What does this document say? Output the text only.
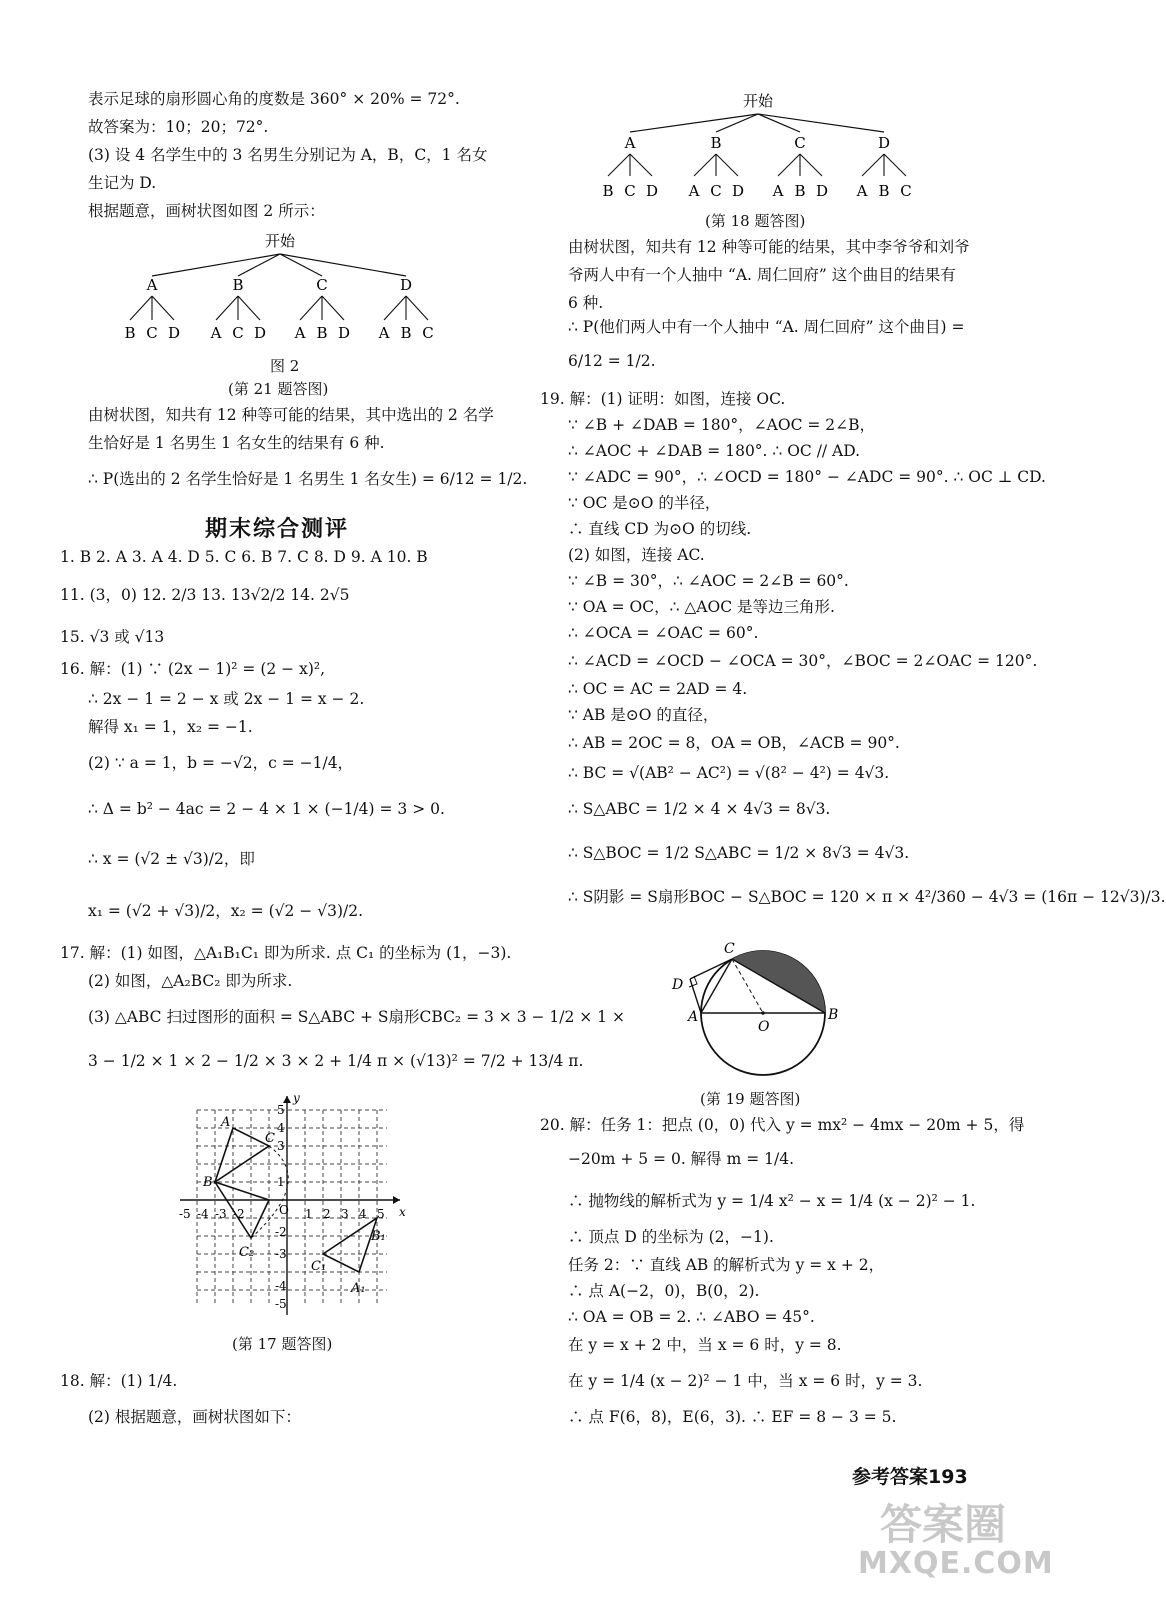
表示足球的扇形圆心角的度数是 360° × 20% = 72°.
故答案为：10；20；72°.
(3) 设 4 名学生中的 3 名男生分别记为 A，B，C，1 名女
生记为 D.
根据题意，画树状图如图 2 所示：
开始
A	B	C	D
B C D A C D A B D A B C
图 2
(第 21 题答图)
由树状图，知共有 12 种等可能的结果，其中选出的 2 名学
生恰好是 1 名男生 1 名女生的结果有 6 种.
∴ P(选出的 2 名学生恰好是 1 名男生 1 名女生) = 6/12 = 1/2.
期末综合测评
1. B 2. A 3. A 4. D 5. C 6. B 7. C 8. D 9. A 10. B
11. (3，0) 12. 2/3 13. 13√2/2 14. 2√5
15. √3 或 √13
16. 解：(1) ∵ (2x − 1)² = (2 − x)²,
∴ 2x − 1 = 2 − x 或 2x − 1 = x − 2.
解得 x₁ = 1，x₂ = −1.
(2) ∵ a = 1，b = −√2，c = −1/4，
∴ Δ = b² − 4ac = 2 − 4 × 1 × (−1/4) = 3 > 0.
∴ x = (√2 ± √3)/2，即
x₁ = (√2 + √3)/2，x₂ = (√2 − √3)/2.
17. 解：(1) 如图，△A₁B₁C₁ 即为所求. 点 C₁ 的坐标为 (1，−3).
(2) 如图，△A₂BC₂ 即为所求.
(3) △ABC 扫过图形的面积 = S△ABC + S扇形CBC₂ = 3 × 3 − 1/2 × 1 ×
3 − 1/2 × 1 × 2 − 1/2 × 3 × 2 + 1/4 π × (√13)² = 7/2 + 13/4 π.
x
y
-5 -4 -3 -2	O 1 2 3 4 5
5
4
3
1
-2
-3
-4
-5
A
B
C
C₂
C₁
B₁
A₁
(第 17 题答图)
18. 解：(1) 1/4.
(2) 根据题意，画树状图如下：
开始
A	B	C	D
B C D A C D A B D A B C
(第 18 题答图)
由树状图，知共有 12 种等可能的结果，其中李爷爷和刘爷
爷两人中有一个人抽中 “A. 周仁回府” 这个曲目的结果有
6 种.
∴ P(他们两人中有一个人抽中 “A. 周仁回府” 这个曲目) =
6/12 = 1/2.
19. 解：(1) 证明：如图，连接 OC.
∵ ∠B + ∠DAB = 180°，∠AOC = 2∠B，
∴ ∠AOC + ∠DAB = 180°. ∴ OC // AD.
∵ ∠ADC = 90°，∴ ∠OCD = 180° − ∠ADC = 90°. ∴ OC ⊥ CD.
∵ OC 是⊙O 的半径，
∴ 直线 CD 为⊙O 的切线.
(2) 如图，连接 AC.
∵ ∠B = 30°，∴ ∠AOC = 2∠B = 60°.
∵ OA = OC，∴ △AOC 是等边三角形.
∴ ∠OCA = ∠OAC = 60°.
∴ ∠ACD = ∠OCD − ∠OCA = 30°，∠BOC = 2∠OAC = 120°.
∴ OC = AC = 2AD = 4.
∵ AB 是⊙O 的直径，
∴ AB = 2OC = 8，OA = OB，∠ACB = 90°.
∴ BC = √(AB² − AC²) = √(8² − 4²) = 4√3.
∴ S△ABC = 1/2 × 4 × 4√3 = 8√3.
∴ S△BOC = 1/2 S△ABC = 1/2 × 8√3 = 4√3.
∴ S阴影 = S扇形BOC − S△BOC = 120 × π × 4²/360 − 4√3 = (16π − 12√3)/3.
C
D
A
O
B
(第 19 题答图)
20. 解：任务 1：把点 (0，0) 代入 y = mx² − 4mx − 20m + 5，得
−20m + 5 = 0. 解得 m = 1/4.
∴ 抛物线的解析式为 y = 1/4 x² − x = 1/4 (x − 2)² − 1.
∴ 顶点 D 的坐标为 (2，−1).
任务 2：∵ 直线 AB 的解析式为 y = x + 2，
∴ 点 A(−2，0)，B(0，2).
∴ OA = OB = 2. ∴ ∠ABO = 45°.
在 y = x + 2 中，当 x = 6 时，y = 8.
在 y = 1/4 (x − 2)² − 1 中，当 x = 6 时，y = 3.
∴ 点 F(6，8)，E(6，3). ∴ EF = 8 − 3 = 5.
参考答案193
答案圈
MXQE.COM
